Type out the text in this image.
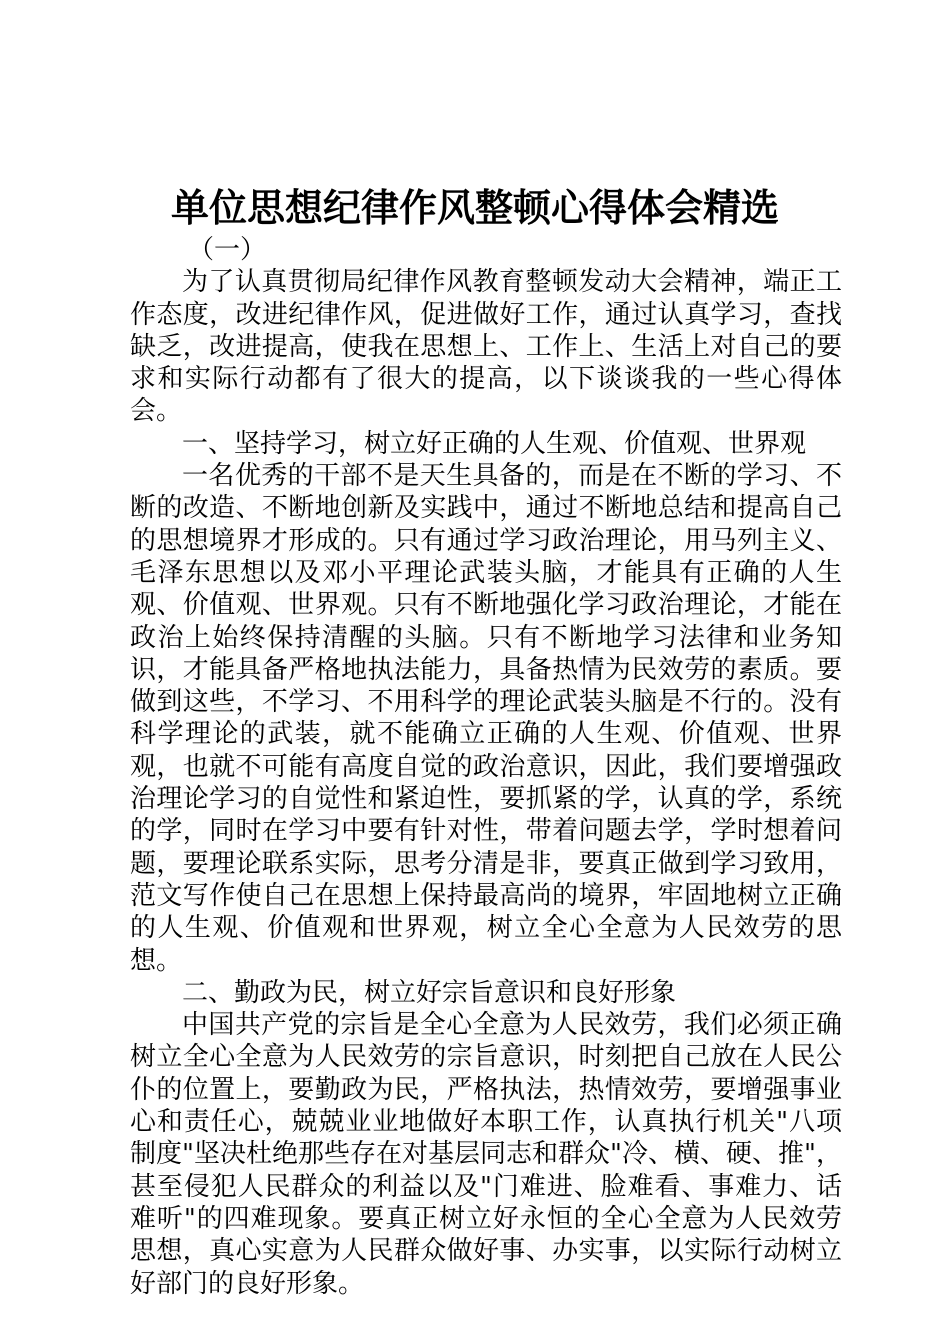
单位思想纪律作风整顿心得体会精选

（一）

为了认真贯彻局纪律作风教育整顿发动大会精神，端正工作态度，改进纪律作风，促进做好工作，通过认真学习，查找缺乏，改进提高，使我在思想上、工作上、生活上对自己的要求和实际行动都有了很大的提高，以下谈谈我的一些心得体会。

一、坚持学习，树立好正确的人生观、价值观、世界观

一名优秀的干部不是天生具备的，而是在不断的学习、不断的改造、不断地创新及实践中，通过不断地总结和提高自己的思想境界才形成的。只有通过学习政治理论，用马列主义、毛泽东思想以及邓小平理论武装头脑，才能具有正确的人生观、价值观、世界观。只有不断地强化学习政治理论，才能在政治上始终保持清醒的头脑。只有不断地学习法律和业务知识，才能具备严格地执法能力，具备热情为民效劳的素质。要做到这些，不学习、不用科学的理论武装头脑是不行的。没有科学理论的武装，就不能确立正确的人生观、价值观、世界观，也就不可能有高度自觉的政治意识，因此，我们要增强政治理论学习的自觉性和紧迫性，要抓紧的学，认真的学，系统的学，同时在学习中要有针对性，带着问题去学，学时想着问题，要理论联系实际，思考分清是非，要真正做到学习致用，范文写作使自己在思想上保持最高尚的境界，牢固地树立正确的人生观、价值观和世界观，树立全心全意为人民效劳的思想。

二、勤政为民，树立好宗旨意识和良好形象

中国共产党的宗旨是全心全意为人民效劳，我们必须正确树立全心全意为人民效劳的宗旨意识，时刻把自己放在人民公仆的位置上，要勤政为民，严格执法，热情效劳，要增强事业心和责任心，兢兢业业地做好本职工作，认真执行机关"八项制度"坚决杜绝那些存在对基层同志和群众"冷、横、硬、推"，甚至侵犯人民群众的利益以及"门难进、脸难看、事难力、话难听"的四难现象。要真正树立好永恒的全心全意为人民效劳思想，真心实意为人民群众做好事、办实事，以实际行动树立好部门的良好形象。
